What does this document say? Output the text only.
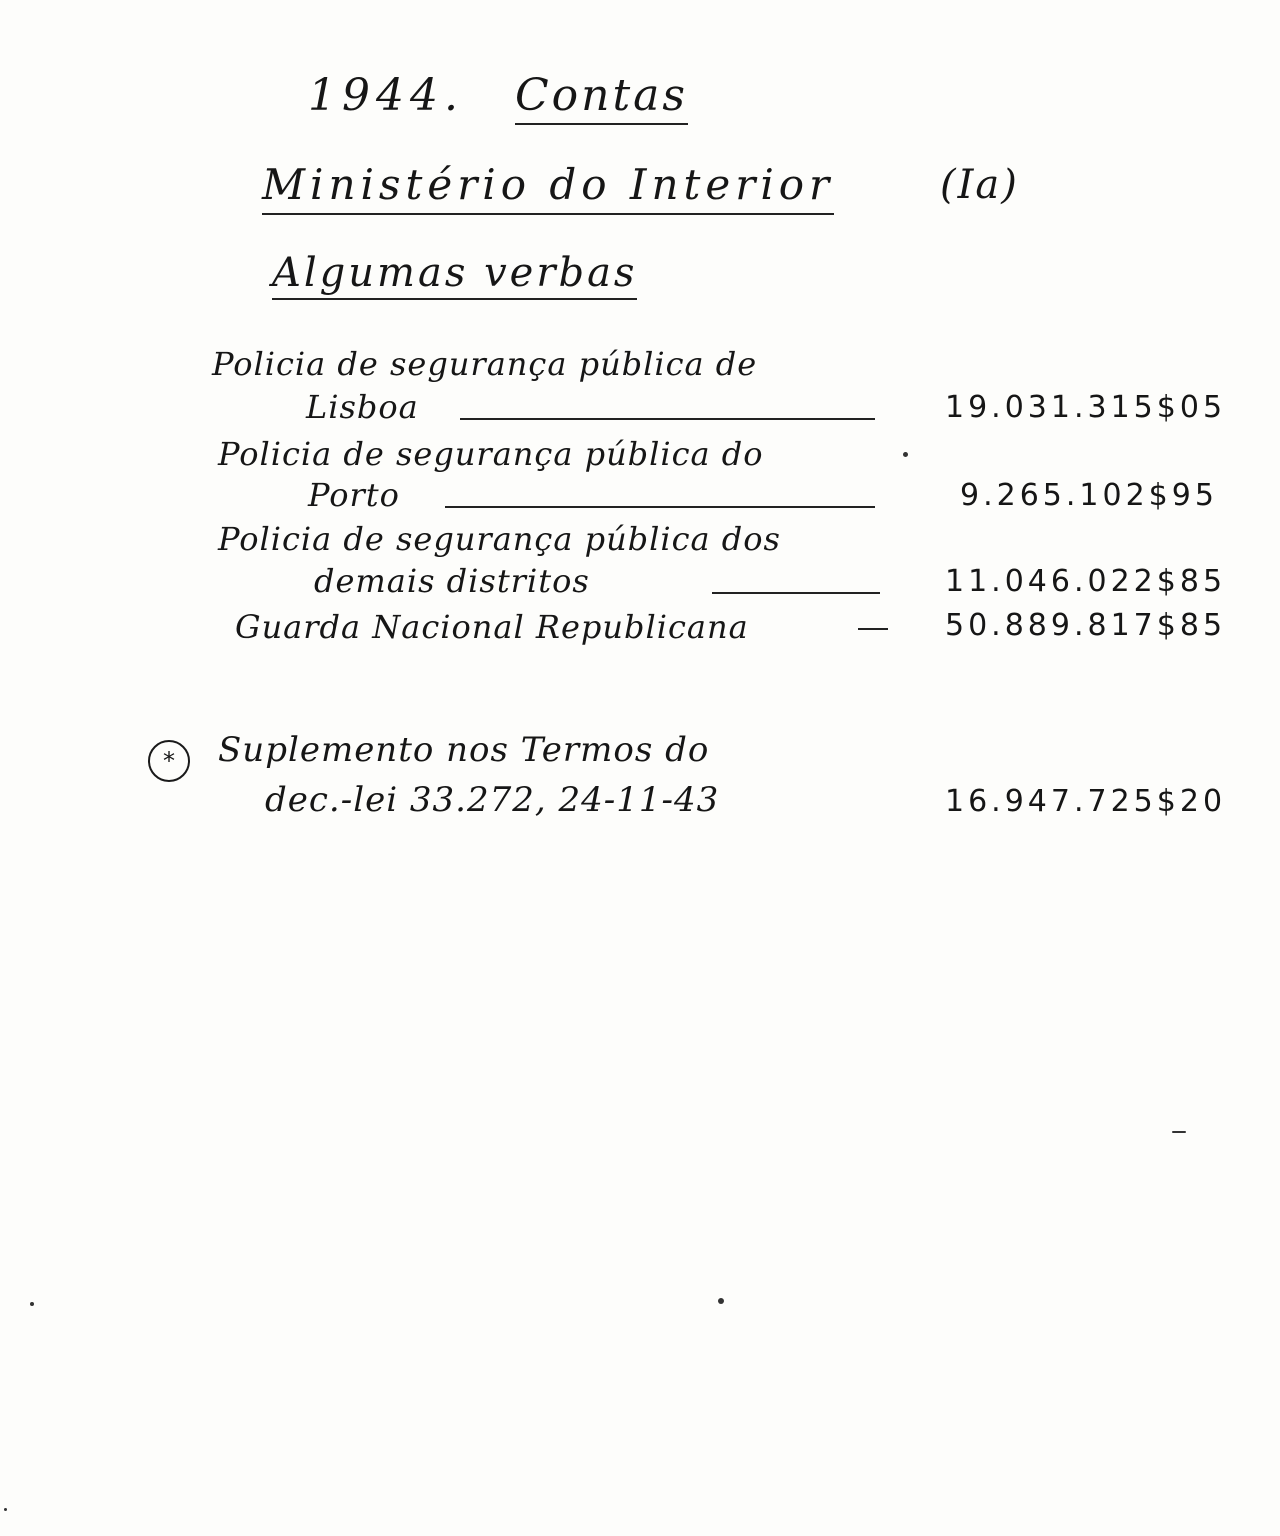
1944. Contas
Ministério do Interior	(Ia)
Algumas verbas
Policia de segurança pública de
Lisboa	19.031.315$05
Policia de segurança pública do
Porto	9.265.102$95
Policia de segurança pública dos
demais distritos	11.046.022$85
Guarda Nacional Republicana	50.889.817$85
*	Suplemento nos Termos do
dec.-lei 33.272, 24-11-43	16.947.725$20
